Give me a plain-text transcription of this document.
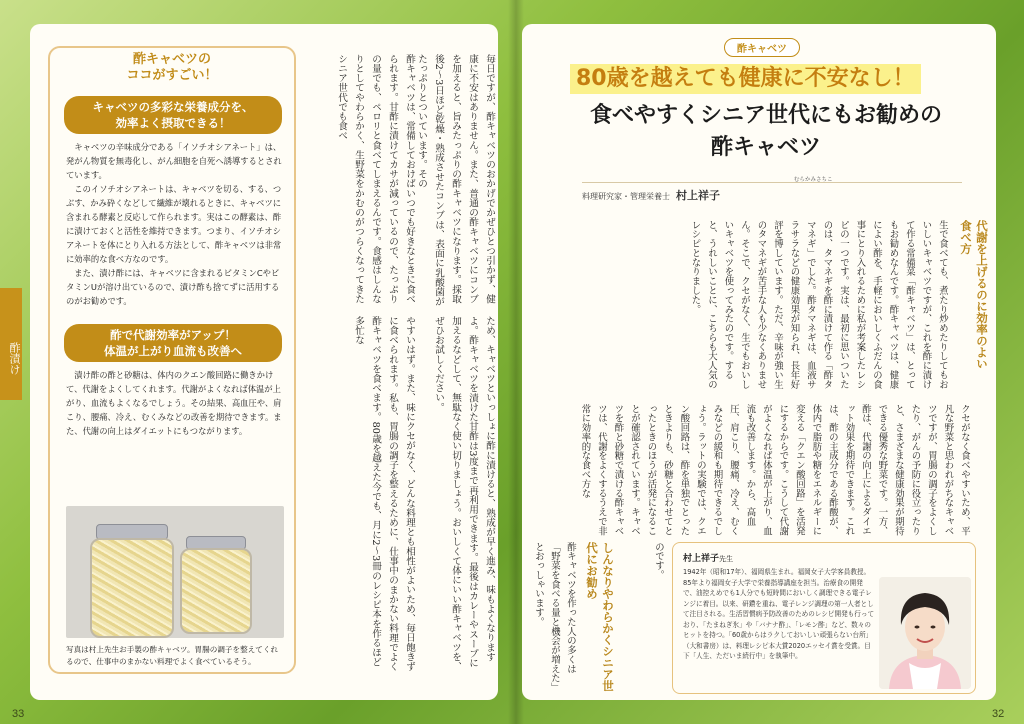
酢漬け
酢キャベツの
ココがすごい！
キャベツの多彩な栄養成分を、
効率よく摂取できる！

キャベツの辛味成分である「イソチオシアネート」は、発がん物質を無毒化し、がん細胞を自死へ誘導するとされています。

このイソチオシアネートは、キャベツを切る、する、つぶす、かみ砕くなどして繊維が壊れるときに、キャベツに含まれる酵素と反応して作られます。実はこの酵素は、酢に漬けておくと活性を維持できます。つまり、イソチオシアネートを体にとり入れる方法として、酢キャベツは非常に効率的な食べ方なのです。

また、漬け酢には、キャベツに含まれるビタミンCやビタミンUが溶け出ているので、漬け酢も捨てずに活用するのがお勧めです。

酢で代謝効率がアップ！
体温が上がり血流も改善へ

漬け酢の酢と砂糖は、体内のクエン酸回路に働きかけて、代謝をよくしてくれます。代謝がよくなれば体温が上がり、血流もよくなるでしょう。その結果、高血圧や、肩こり、腰痛、冷え、むくみなどの改善を期待できます。また、代謝の向上はダイエットにもつながります。

写真は村上先生お手製の酢キャベツ。胃腸の調子を整えてくれるので、仕事中のまかない料理でよく食べているそう。
酢キャベツは、常備しておけばいつでも好きなときに食べられます。甘酢に漬けてカサが減っているので、たっぷりの量でも、ペロリと食べてしまえるんです。食感はしんなりとしてやわらかく、生野菜をかむのがつらくなってきたシニア世代でも食べ
やすいはず。また、味にクセがなく、どんな料理とも相性がよいため、毎日飽きずに食べられます。私も、胃腸の調子を整えるために、仕事中のまかない料理でよく酢キャベツを食べます。80歳を越えた今でも、月に2〜3冊のレシピ本を作るほど多忙な
毎日ですが、酢キャベツのおかげでかぜひとつ引かず、健康に不安はありません。また、普通の酢キャベツにコンブを加えると、旨みたっぷりの酢キャベツになります。採取後2〜3日ほど乾燥・熟成させたコンブは、表面に乳酸菌がたっぷりとついています。その
ため、キャベツといっしょに酢に漬けると、熟成が早く進み、味もよくなりますよ。酢キャベツを漬けた甘酢は3度まで再利用できます。最後はカレーやスープに加えるなどして、無駄なく使い切りましょう。おいしくて体にいい酢キャベツを、ぜひお試しください。
33
酢キャベツ
80歳を越えても健康に不安なし！
食べやすくシニア世代にもお勧めの
酢キャベツ
むらかみさちこ
料理研究家・管理栄養士 村上祥子
代謝を上げるのに効率のよい食べ方
生で食べても、煮たり炒めたりしてもおいしいキャベツですが、これを酢に漬けて作る常備菜「酢キャベツ」は、とってもお勧めなんです。酢キャベツは、健康によい酢を、手軽においしくふだんの食事にとり入れるために私が考案したレシピの一つです。実は、最初に思いついたのは、タマネギを酢に漬けて作る「酢タマネギ」でした。酢タマネギは、血液サラサラなどの健康効果が知られ、長年好評を博しています。ただ、辛味が強い生のタマネギが苦手な人も少なくありません。そこで、クセがなく、生でもおいしいキャベツを使ってみたのです。すると、うれしいことに、こちらも大人気のレシピとなりました。
クセがなく食べやすいため、平凡な野菜と思われがちなキャベツですが、胃腸の調子をよくしたり、がんの予防に役立ったりと、さまざまな健康効果が期待できる優秀な野菜です。一方、酢は、代謝の向上によるダイエット効果を期待できます。これは、酢の主成分である酢酸が、体内で脂肪や糖をエネルギーに変える「クエン酸回路」を活発にするからです。こうして代謝がよくなれば体温が上がり、血流も改善します。から、高血圧、肩こり、腰痛、冷え、むくみなどの緩和も期待できるでしょう。ラットの実験では、クエン酸回路は、酢を単独でとったときよりも、砂糖と合わせてとったときのほうが活発になることが確認されています。キャベツを酢と砂糖で漬ける酢キャベツは、代謝をよくするうえで非常に効率的な食べ方な
のです。
しんなりやわらかくシニア世代にお勧め
酢キャベツを作った人の多くは「野菜を食べる量と機会が増えた」とおっしゃいます。	村上祥子先生
1942年（昭和17年）、福岡県生まれ。福岡女子大学客員教授。85年より福岡女子大学で栄養指導講座を担当。治療食の開発で、油控えめでも1人分でも短時間においしく調理できる電子レンジに着目。以来、研鑽を重ね、電子レンジ調理の第一人者として注目される。生活習慣病予防改善のためのレシピ開発も行っており、「たまねぎ氷」や「バナナ酢」、「レモン酢」など、数々のヒットを持つ。「60歳からはラクしておいしい頑張らない台所」（大和書房）は、料理レシピ本大賞2020エッセイ賞を受賞。目下「人生、ただいま続行中」を執筆中。
32
